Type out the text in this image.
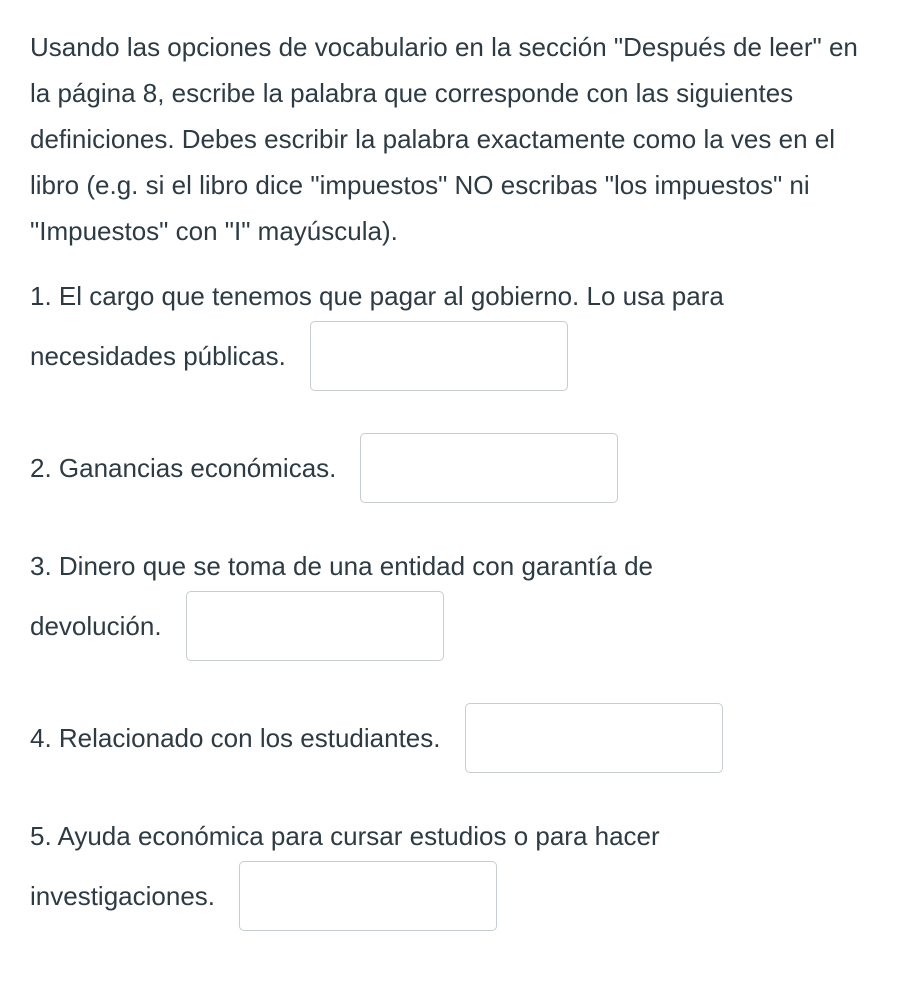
Usando las opciones de vocabulario en la sección "Después de leer" en la página 8, escribe la palabra que corresponde con las siguientes definiciones. Debes escribir la palabra exactamente como la ves en el libro (e.g. si el libro dice "impuestos" NO escribas "los impuestos" ni "Impuestos" con "I" mayúscula).

1. El cargo que tenemos que pagar al gobierno. Lo usa para

necesidades públicas.
2. Ganancias económicas.

3. Dinero que se toma de una entidad con garantía de

devolución.
4. Relacionado con los estudiantes.

5. Ayuda económica para cursar estudios o para hacer

investigaciones.
